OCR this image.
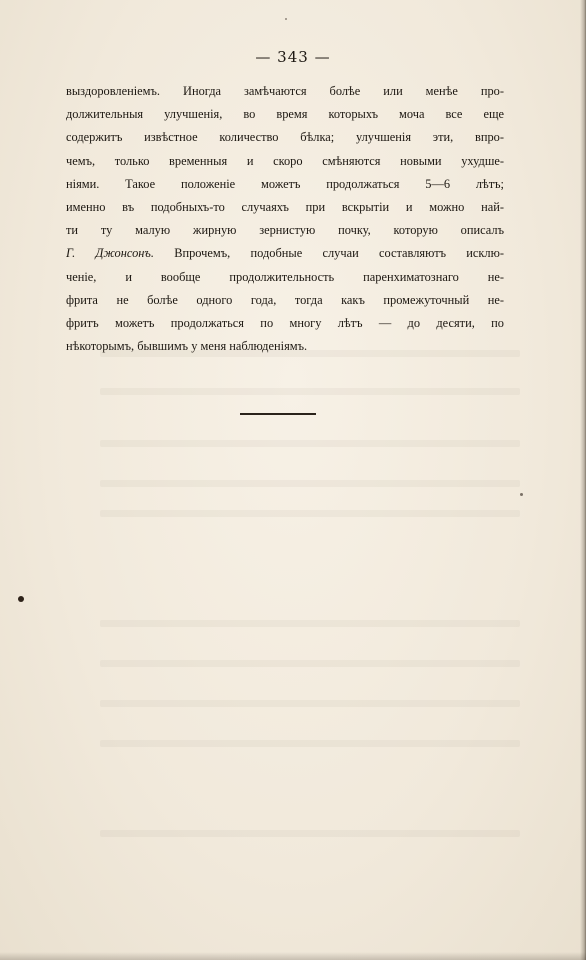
— 343 —
выздоровленіемъ. Иногда замѣчаются болѣе или менѣе про-
должительныя улучшенія, во время которыхъ моча все еще
содержитъ извѣстное количество бѣлка; улучшенія эти, впро-
чемъ, только временныя и скоро смѣняются новыми ухудше-
ніями. Такое положеніе можетъ продолжаться 5—6 лѣтъ;
именно въ подобныхъ-то случаяхъ при вскрытіи и можно най-
ти ту малую жирную зернистую почку, которую описалъ
Г. Джонсонъ. Впрочемъ, подобные случаи составляютъ исклю-
ченіе, и вообще продолжительность паренхиматознаго не-
фрита не болѣе одного года, тогда какъ промежуточный не-
фритъ можетъ продолжаться по многу лѣтъ — до десяти, по
нѣкоторымъ, бывшимъ у меня наблюденіямъ.
